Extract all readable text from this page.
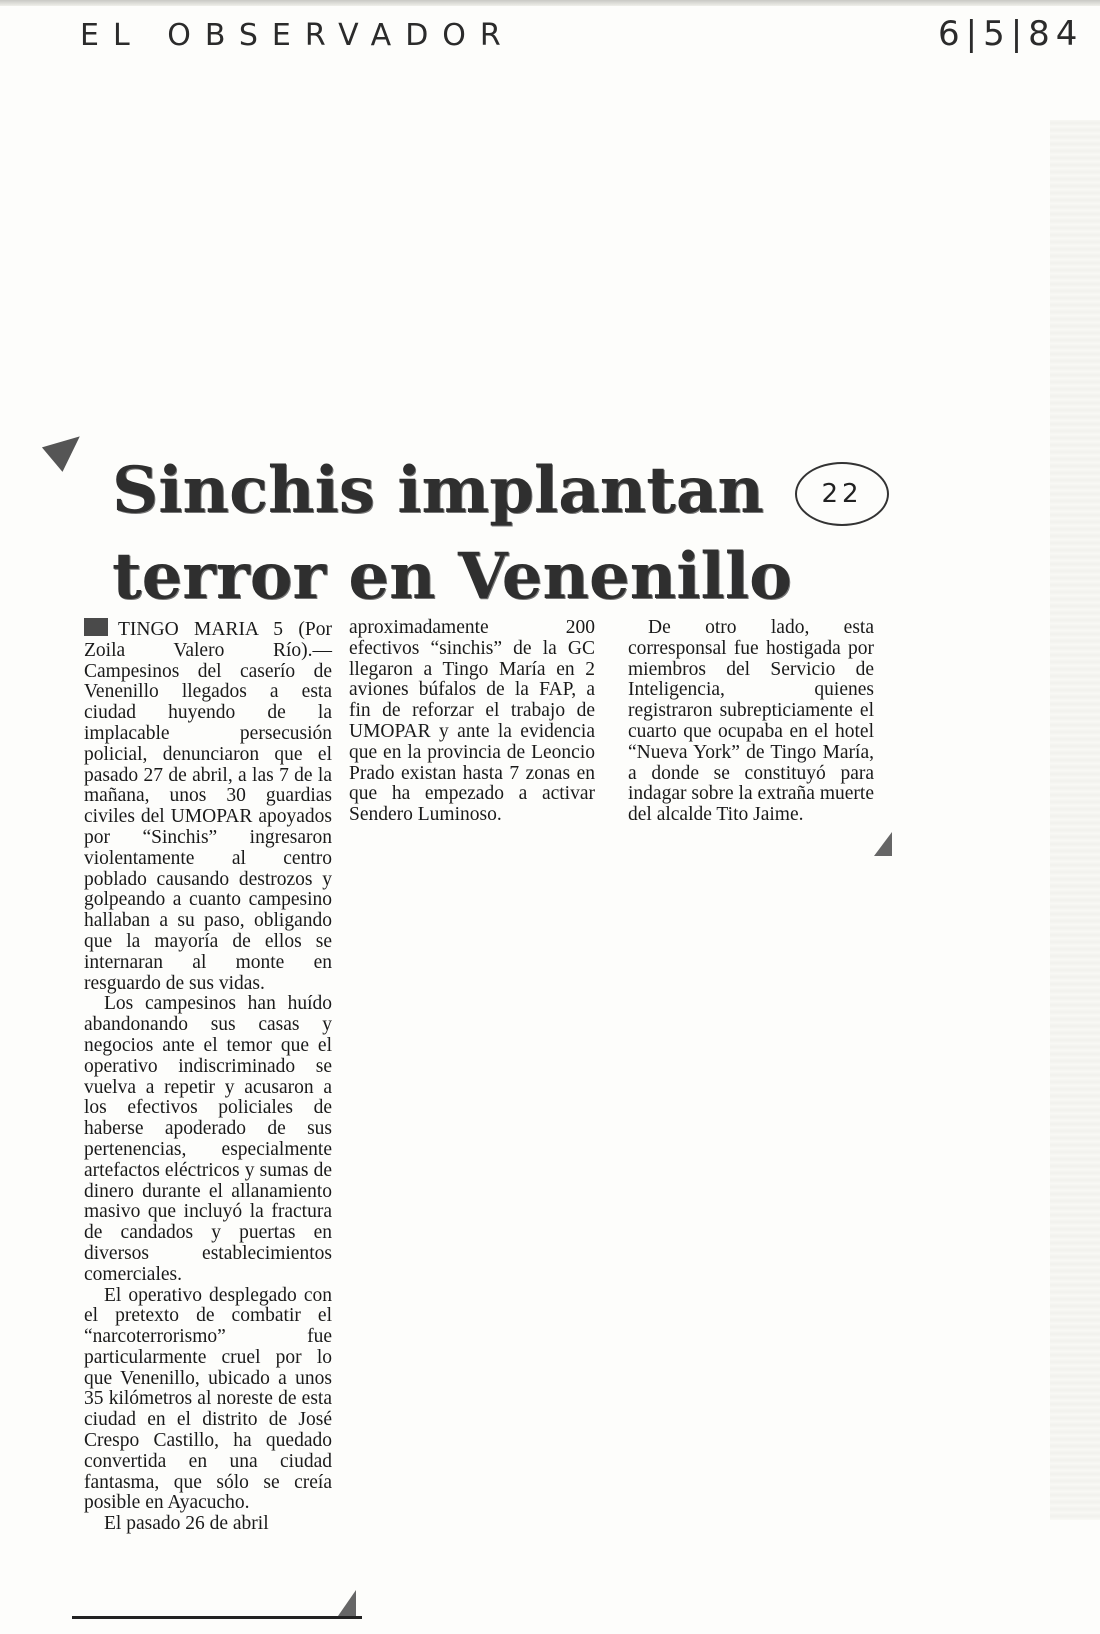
EL OBSERVADOR	6|5|84
Sinchis implantan terror en Venenillo
22

TINGO MARIA 5 (Por Zoila Valero Río).— Campesinos del caserío de Venenillo llegados a esta ciudad huyendo de la implacable persecusión policial, denunciaron que el pasado 27 de abril, a las 7 de la mañana, unos 30 guardias civiles del UMOPAR apoyados por “Sinchis” ingresaron violentamente al centro poblado causando destrozos y golpeando a cuanto campesino hallaban a su paso, obligando que la mayoría de ellos se internaran al monte en resguardo de sus vidas.

Los campesinos han huído abandonando sus casas y negocios ante el temor que el operativo indiscriminado se vuelva a repetir y acusaron a los efectivos policiales de haberse apoderado de sus pertenencias, especialmente artefactos eléctricos y sumas de dinero durante el allanamiento masivo que incluyó la fractura de candados y puertas en diversos establecimientos comerciales.

El operativo desplegado con el pretexto de combatir el “narcoterrorismo” fue particularmente cruel por lo que Venenillo, ubicado a unos 35 kilómetros al noreste de esta ciudad en el distrito de José Crespo Castillo, ha quedado convertida en una ciudad fantasma, que sólo se creía posible en Ayacucho.

El pasado 26 de abril

aproximadamente 200 efectivos “sinchis” de la GC llegaron a Tingo María en 2 aviones búfalos de la FAP, a fin de reforzar el trabajo de UMOPAR y ante la evidencia que en la provincia de Leoncio Prado existan hasta 7 zonas en que ha empezado a activar Sendero Luminoso.

De otro lado, esta corresponsal fue hostigada por miembros del Servicio de Inteligencia, quienes registraron subrepticiamente el cuarto que ocupaba en el hotel “Nueva York” de Tingo María, a donde se constituyó para indagar sobre la extraña muerte del alcalde Tito Jaime.
